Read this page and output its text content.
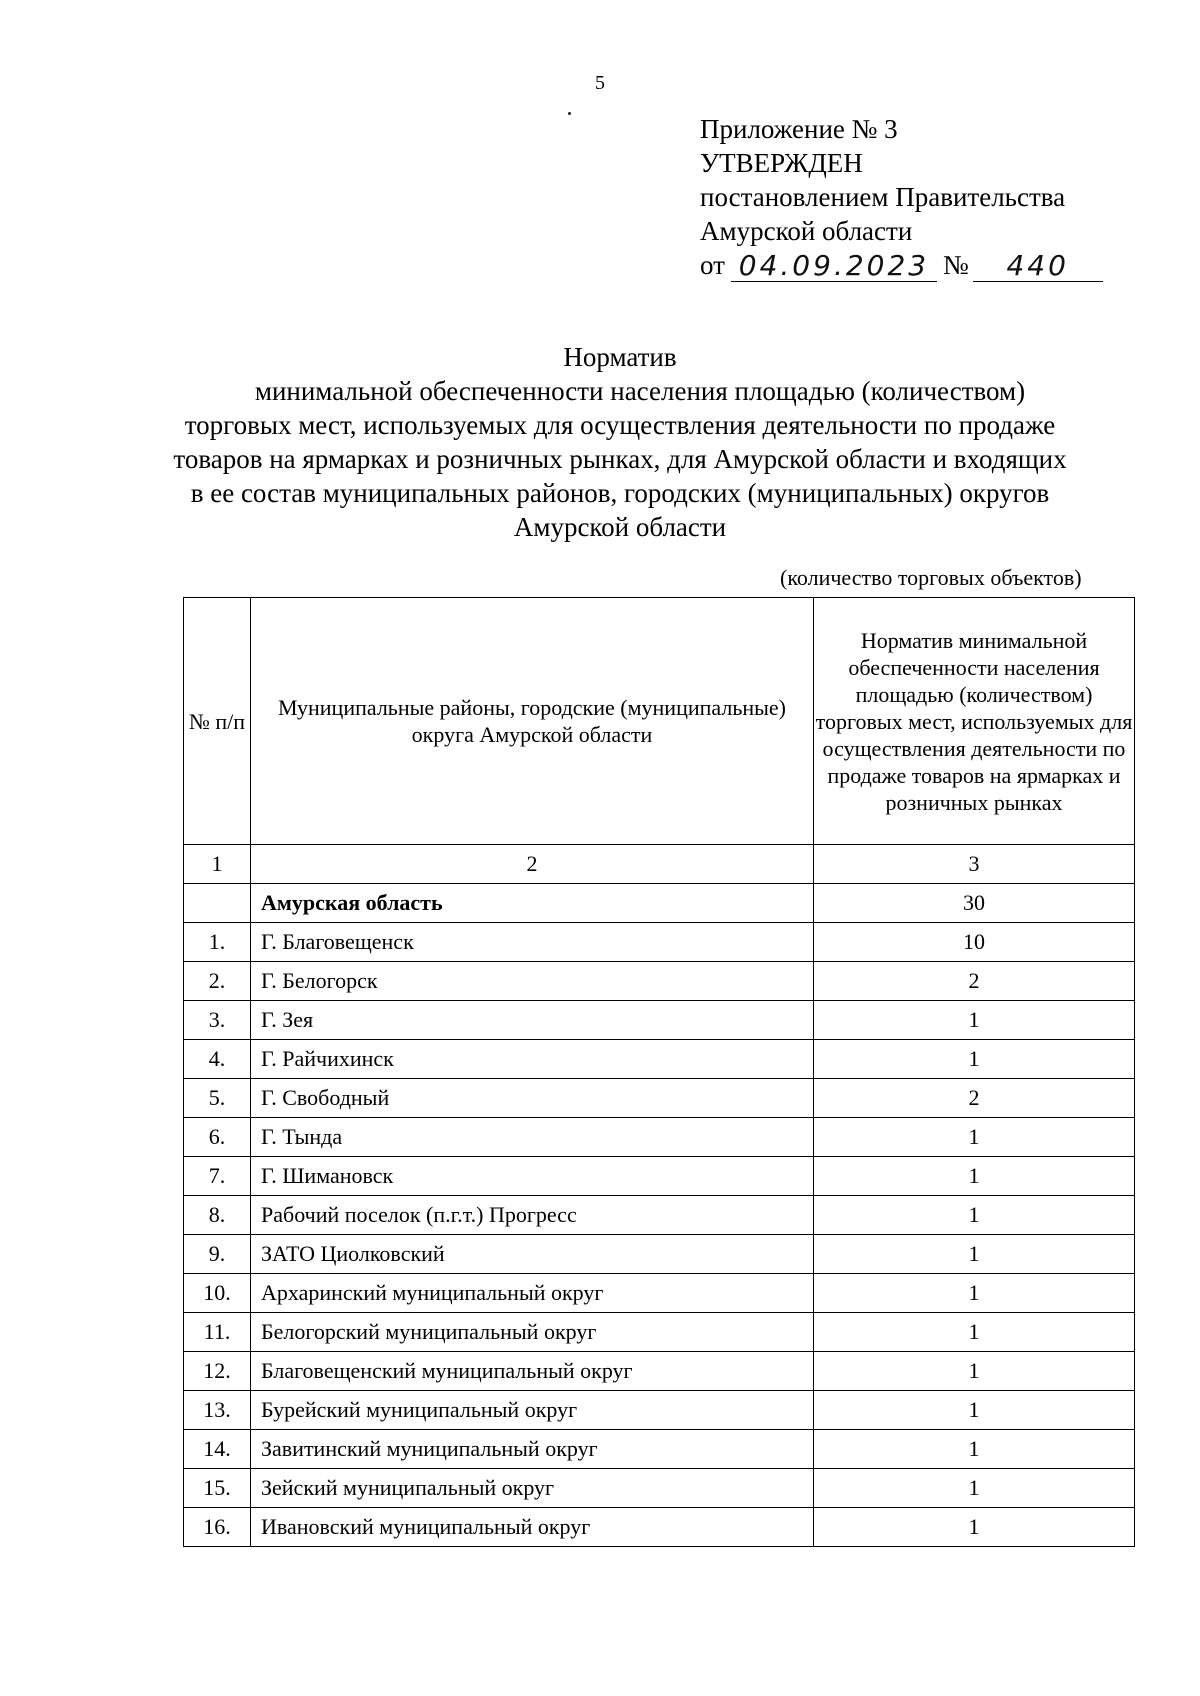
5
Приложение № 3
УТВЕРЖДЕН
постановлением Правительства
Амурской области
от 04.09.2023 №	440
Норматив
минимальной обеспеченности населения площадью (количеством)
торговых мест, используемых для осуществления деятельности по продаже
товаров на ярмарках и розничных рынках, для Амурской области и входящих
в ее состав муниципальных районов, городских (муниципальных) округов
Амурской области
(количество торговых объектов)
№ п/п	Муниципальные районы, городские (муниципальные) округа Амурской области	Норматив минимальной обеспеченности населения площадью (количеством) торговых мест, используемых для осуществления деятельности по продаже товаров на ярмарках и розничных рынках
1	2	3
	Амурская область	30
1.	Г. Благовещенск	10
2.	Г. Белогорск	2
3.	Г. Зея	1
4.	Г. Райчихинск	1
5.	Г. Свободный	2
6.	Г. Тында	1
7.	Г. Шимановск	1
8.	Рабочий поселок (п.г.т.) Прогресс	1
9.	ЗАТО Циолковский	1
10.	Архаринский муниципальный округ	1
11.	Белогорский муниципальный округ	1
12.	Благовещенский муниципальный округ	1
13.	Бурейский муниципальный округ	1
14.	Завитинский муниципальный округ	1
15.	Зейский муниципальный округ	1
16.	Ивановский муниципальный округ	1
